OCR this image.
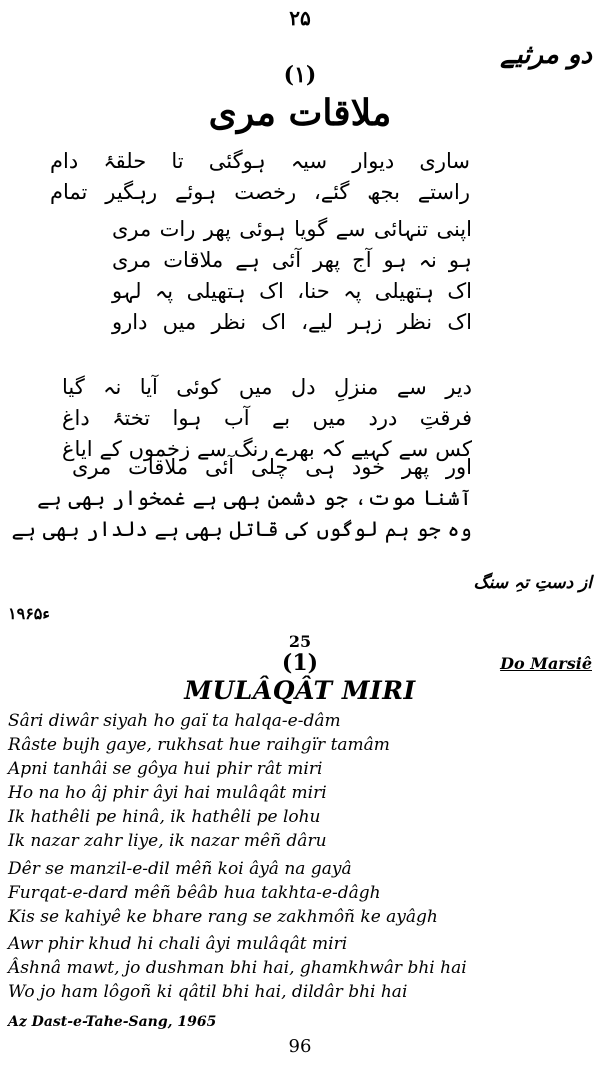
۲۵
دو مرثیے
(۱)
ملاقات مری
ساری دیوار سیہ ہوگئی تا حلقۂ دام
راستے بجھ گئے، رخصت ہوئے رہگیر تمام
اپنی تنہائی سے گویا ہوئی پھر رات مری
ہو نہ ہو آج پھر آئی ہے ملاقات مری
اک ہتھیلی پہ حنا، اک ہتھیلی پہ لہو
اک نظر زہر لیے، اک نظر میں دارو
دیر سے منزلِ دل میں کوئی آیا نہ گیا
فرقتِ درد میں بے آب ہوا تختۂ داغ
کس سے کہیے کہ بھرے رنگ سے زخموں کے ایاغ
اور پھر خود ہی چلی آئی ملاقات مری
آشنا موت، جو دشمن بھی ہے غمخوار بھی ہے
وہ جو ہم لوگوں کی قاتل بھی ہے دلدار بھی ہے
از دستِ تہِ سنگ
۱۹۶۵ء
25
(1)	Do Marsiê
MULÂQÂT MIRI
Sâri diwâr siyah ho gaï ta halqa-e-dâm
Râste bujh gaye, rukhsat hue raihgïr tamâm
Apni tanhâi se gôya hui phir rât miri
Ho na ho âj phir âyi hai mulâqât miri
Ik hathêli pe hinâ, ik hathêli pe lohu
Ik nazar zahr liye, ik nazar mêñ dâru
Dêr se manzil-e-dil mêñ koi âyâ na gayâ
Furqat-e-dard mêñ bêâb hua takhta-e-dâgh
Kis se kahiyê ke bhare rang se zakhmôñ ke ayâgh
Awr phir khud hi chali âyi mulâqât miri
Âshnâ mawt, jo dushman bhi hai, ghamkhwâr bhi hai
Wo jo ham lôgoñ ki qâtil bhi hai, dildâr bhi hai
Az Dast-e-Tahe-Sang, 1965
96
